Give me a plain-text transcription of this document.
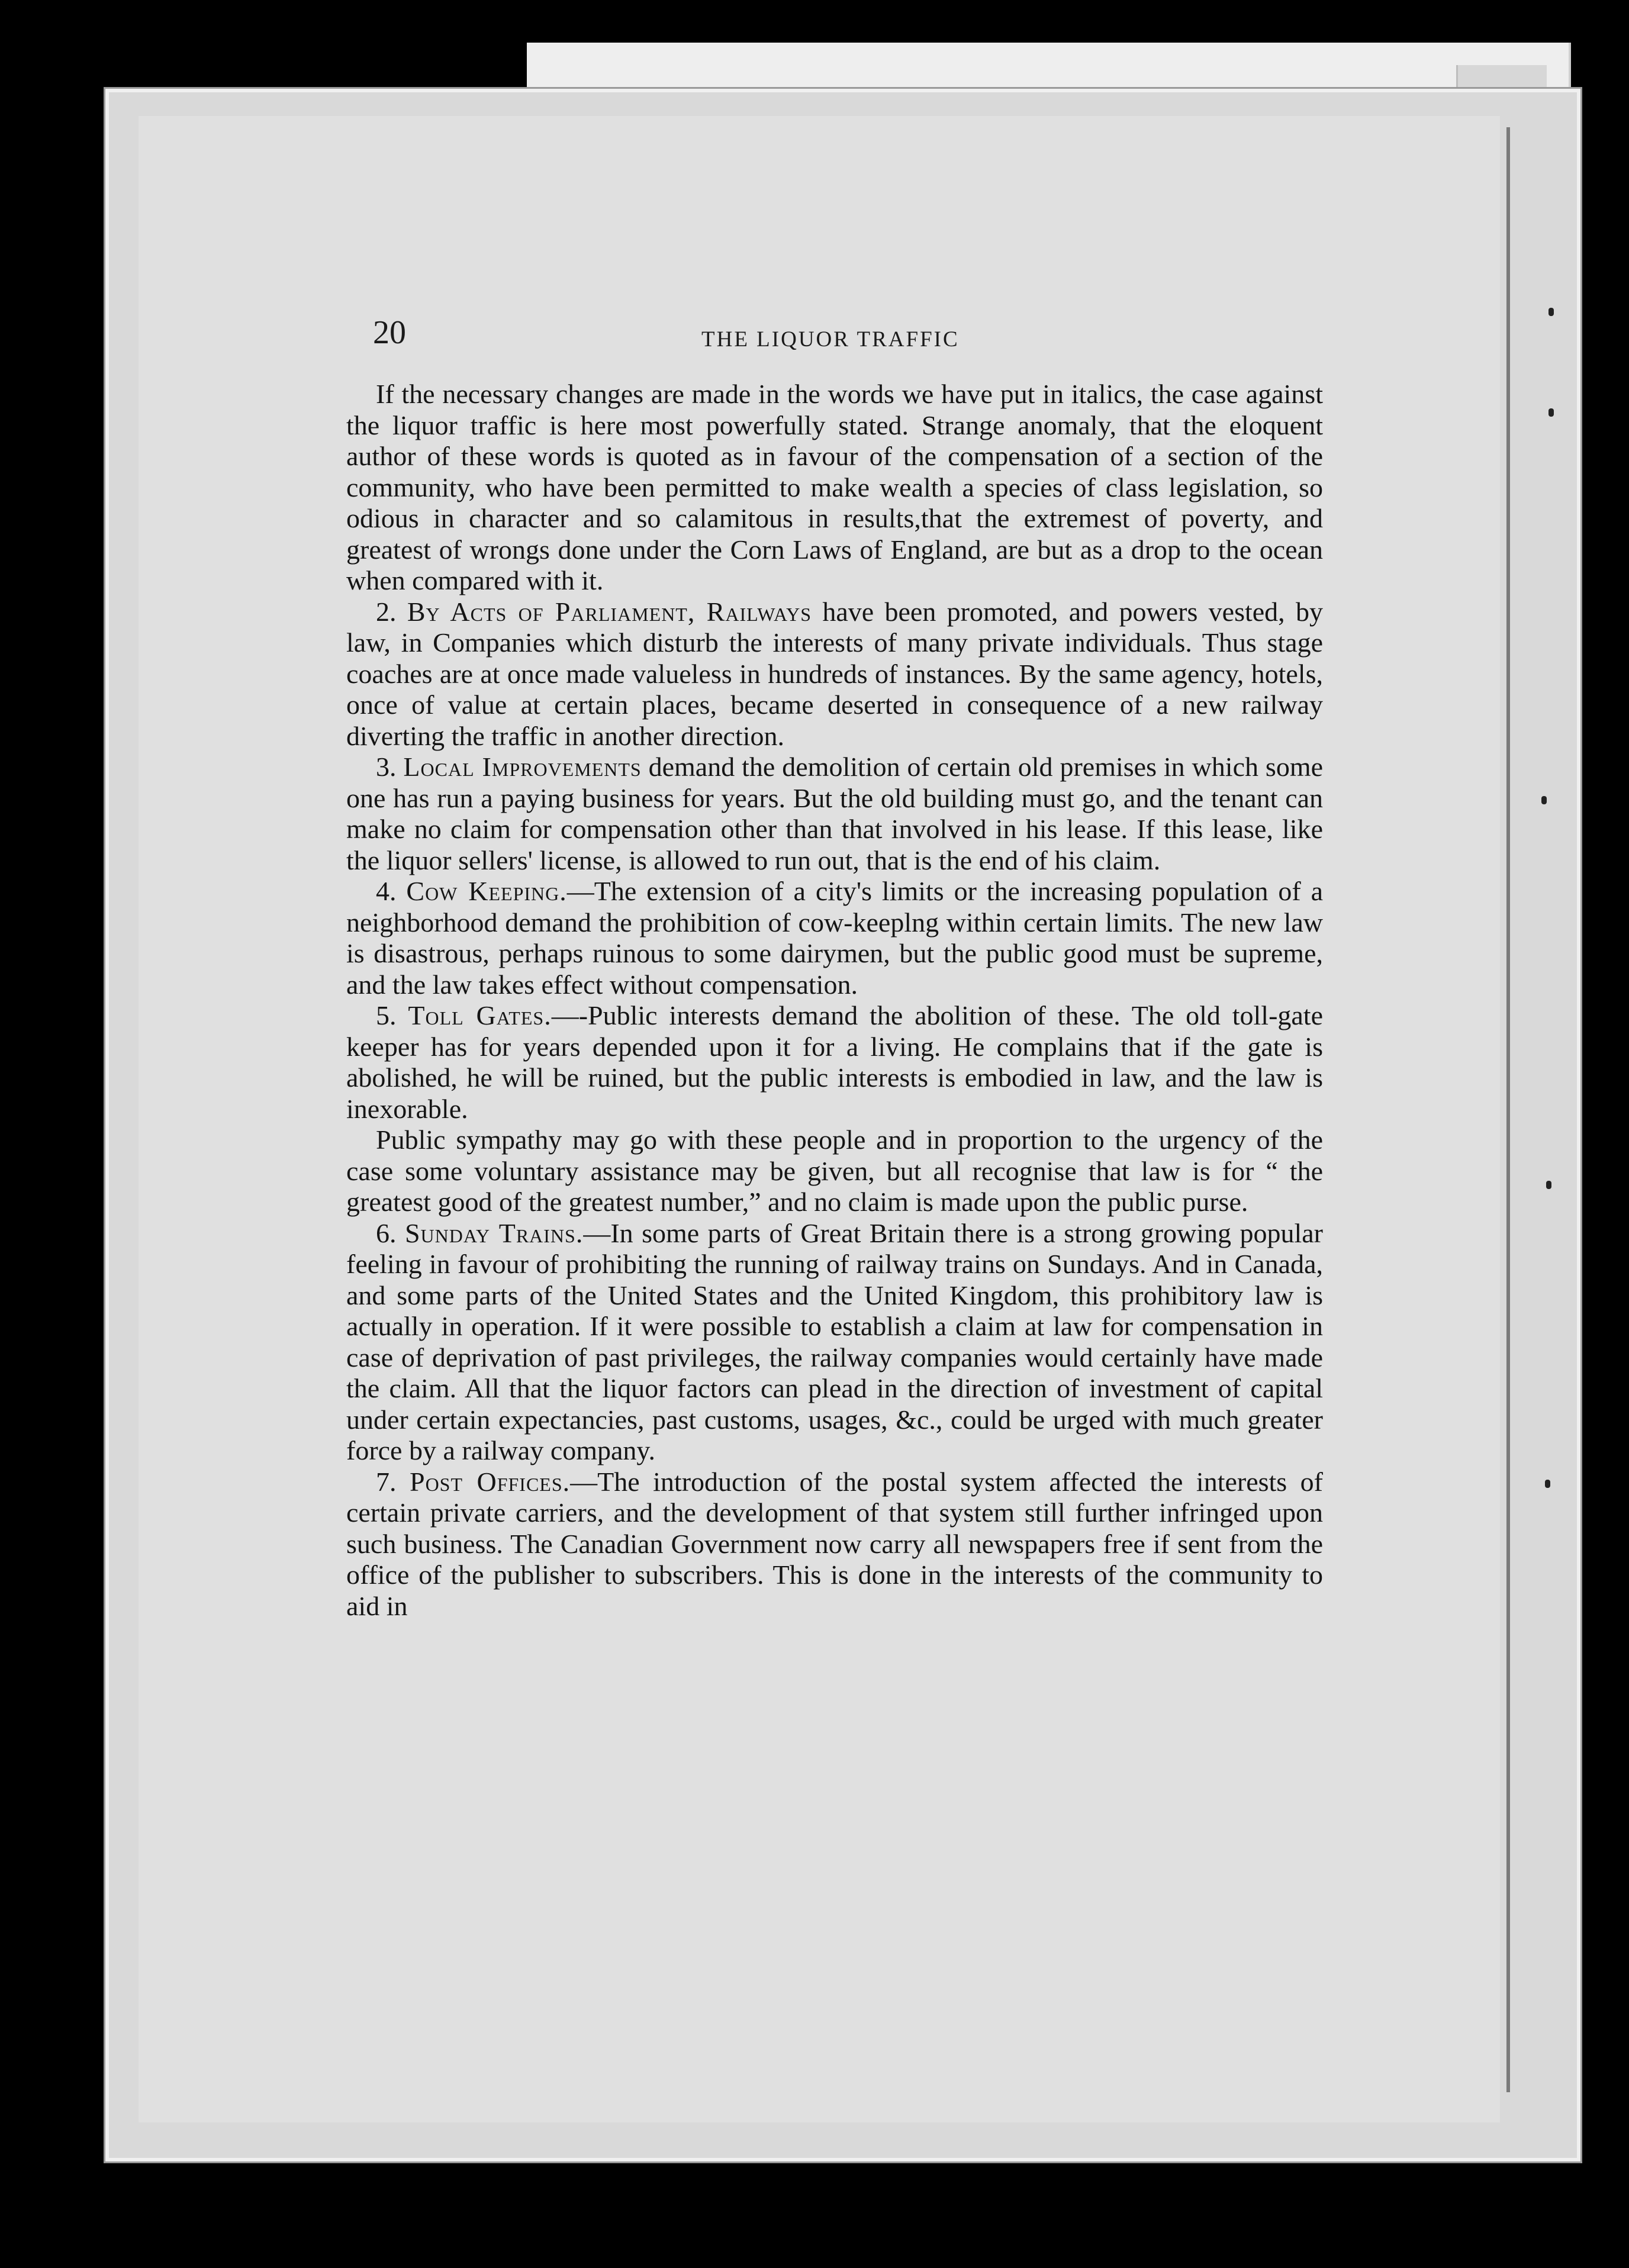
20	THE LIQUOR TRAFFIC

If the necessary changes are made in the words we have put in italics, the case against the liquor traffic is here most powerfully stated. Strange anomaly, that the eloquent author of these words is quoted as in favour of the compensation of a section of the community, who have been permitted to make wealth a species of class legislation, so odious in character and so calamitous in results,that the extremest of poverty, and greatest of wrongs done under the Corn Laws of England, are but as a drop to the ocean when compared with it.

2. By Acts of Parliament, Railways have been promoted, and powers vested, by law, in Companies which disturb the interests of many private individuals. Thus stage coaches are at once made valueless in hundreds of instances. By the same agency, hotels, once of value at certain places, became deserted in consequence of a new railway diverting the traffic in another direction.

3. Local Improvements demand the demolition of certain old premises in which some one has run a paying business for years. But the old building must go, and the tenant can make no claim for compensation other than that involved in his lease. If this lease, like the liquor sellers' license, is allowed to run out, that is the end of his claim.

4. Cow Keeping.—The extension of a city's limits or the increasing population of a neighborhood demand the prohibition of cow-keeplng within certain limits. The new law is disastrous, perhaps ruinous to some dairymen, but the public good must be supreme, and the law takes effect without compensation.

5. Toll Gates.—-Public interests demand the abolition of these. The old toll-gate keeper has for years depended upon it for a living. He complains that if the gate is abolished, he will be ruined, but the public interests is embodied in law, and the law is inexorable.

Public sympathy may go with these people and in proportion to the urgency of the case some voluntary assistance may be given, but all recognise that law is for “ the greatest good of the greatest number,” and no claim is made upon the public purse.

6. Sunday Trains.—In some parts of Great Britain there is a strong growing popular feeling in favour of prohibiting the running of railway trains on Sundays. And in Canada, and some parts of the United States and the United Kingdom, this prohibitory law is actually in operation. If it were possible to establish a claim at law for compensation in case of deprivation of past privileges, the railway companies would certainly have made the claim. All that the liquor factors can plead in the direction of investment of capital under certain expectancies, past customs, usages, &c., could be urged with much greater force by a railway company.

7. Post Offices.—The introduction of the postal system affected the interests of certain private carriers, and the development of that system still further infringed upon such business. The Canadian Government now carry all newspapers free if sent from the office of the publisher to subscribers. This is done in the interests of the community to aid in
